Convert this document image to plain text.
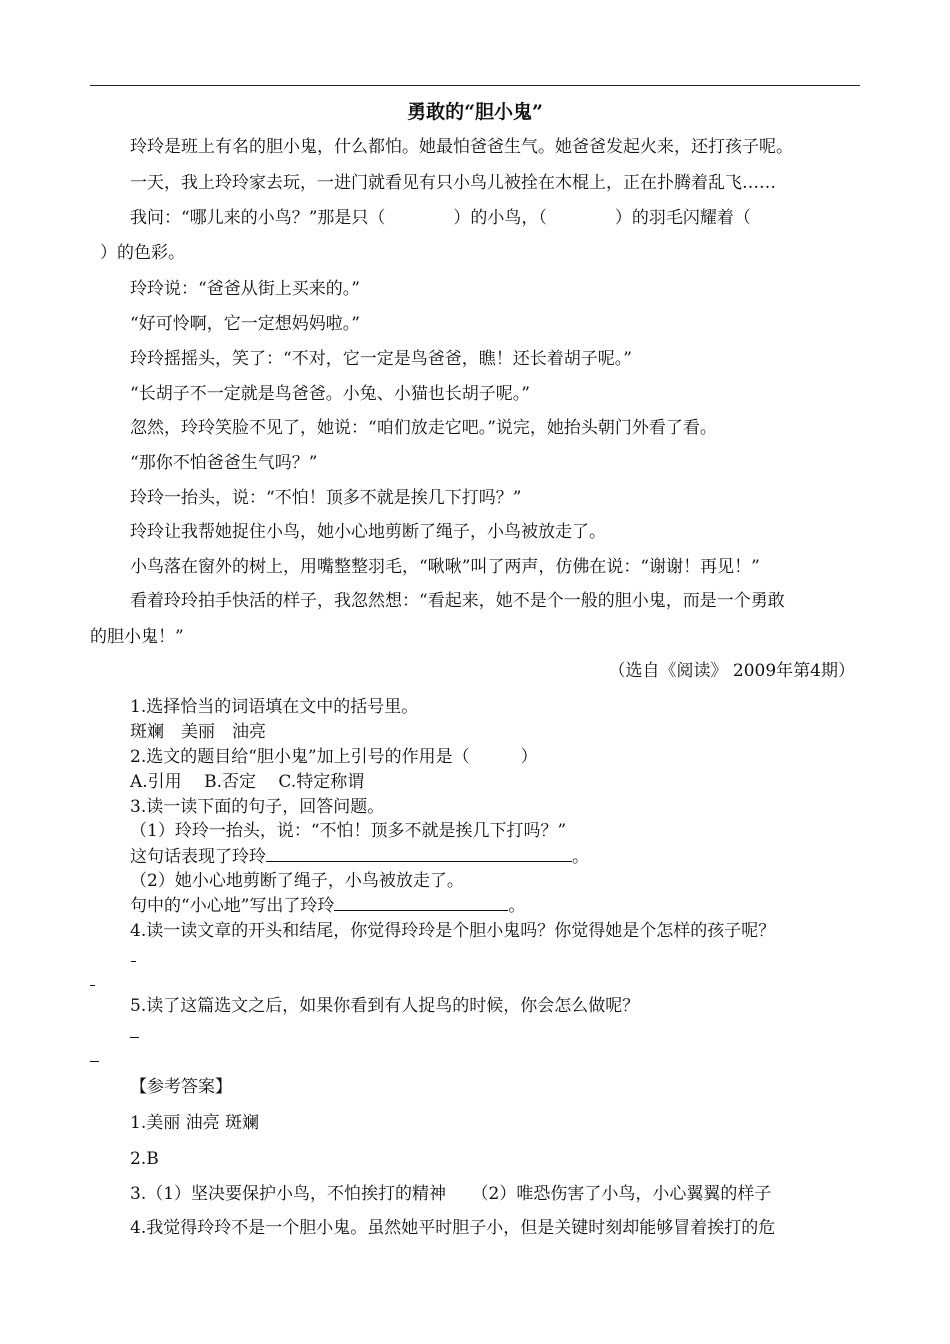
勇敢的“胆小鬼”
玲玲是班上有名的胆小鬼，什么都怕。她最怕爸爸生气。她爸爸发起火来，还打孩子呢。
一天，我上玲玲家去玩，一进门就看见有只小鸟儿被拴在木棍上，正在扑腾着乱飞……
我问：“哪儿来的小鸟？”那是只（　　　　）的小鸟，（　　　　）的羽毛闪耀着（
）的色彩。
玲玲说：“爸爸从街上买来的。”
“好可怜啊，它一定想妈妈啦。”
玲玲摇摇头，笑了：“不对，它一定是鸟爸爸，瞧！还长着胡子呢。”
“长胡子不一定就是鸟爸爸。小兔、小猫也长胡子呢。”
忽然，玲玲笑脸不见了，她说：“咱们放走它吧。”说完，她抬头朝门外看了看。
“那你不怕爸爸生气吗？”
玲玲一抬头，说：“不怕！顶多不就是挨几下打吗？”
玲玲让我帮她捉住小鸟，她小心地剪断了绳子，小鸟被放走了。
小鸟落在窗外的树上，用嘴整整羽毛，“啾啾”叫了两声，仿佛在说：“谢谢！再见！”
看着玲玲拍手快活的样子，我忽然想：“看起来，她不是个一般的胆小鬼，而是一个勇敢
的胆小鬼！”
（选自《阅读》 2009年第4期）
1.选择恰当的词语填在文中的括号里。
斑斓　美丽　油亮
2.选文的题目给“胆小鬼”加上引号的作用是（　　　）
A.引用　 B.否定　 C.特定称谓
3.读一读下面的句子，回答问题。
（1）玲玲一抬头，说：“不怕！顶多不就是挨几下打吗？”
这句话表现了玲玲	。
（2）她小心地剪断了绳子，小鸟被放走了。
句中的“小心地”写出了玲玲	。
4.读一读文章的开头和结尾，你觉得玲玲是个胆小鬼吗？你觉得她是个怎样的孩子呢？
5.读了这篇选文之后，如果你看到有人捉鸟的时候，你会怎么做呢？
【参考答案】
1.美丽 油亮 斑斓
2.B
3.（1）坚决要保护小鸟，不怕挨打的精神　　（2）唯恐伤害了小鸟，小心翼翼的样子
4.我觉得玲玲不是一个胆小鬼。虽然她平时胆子小，但是关键时刻却能够冒着挨打的危
